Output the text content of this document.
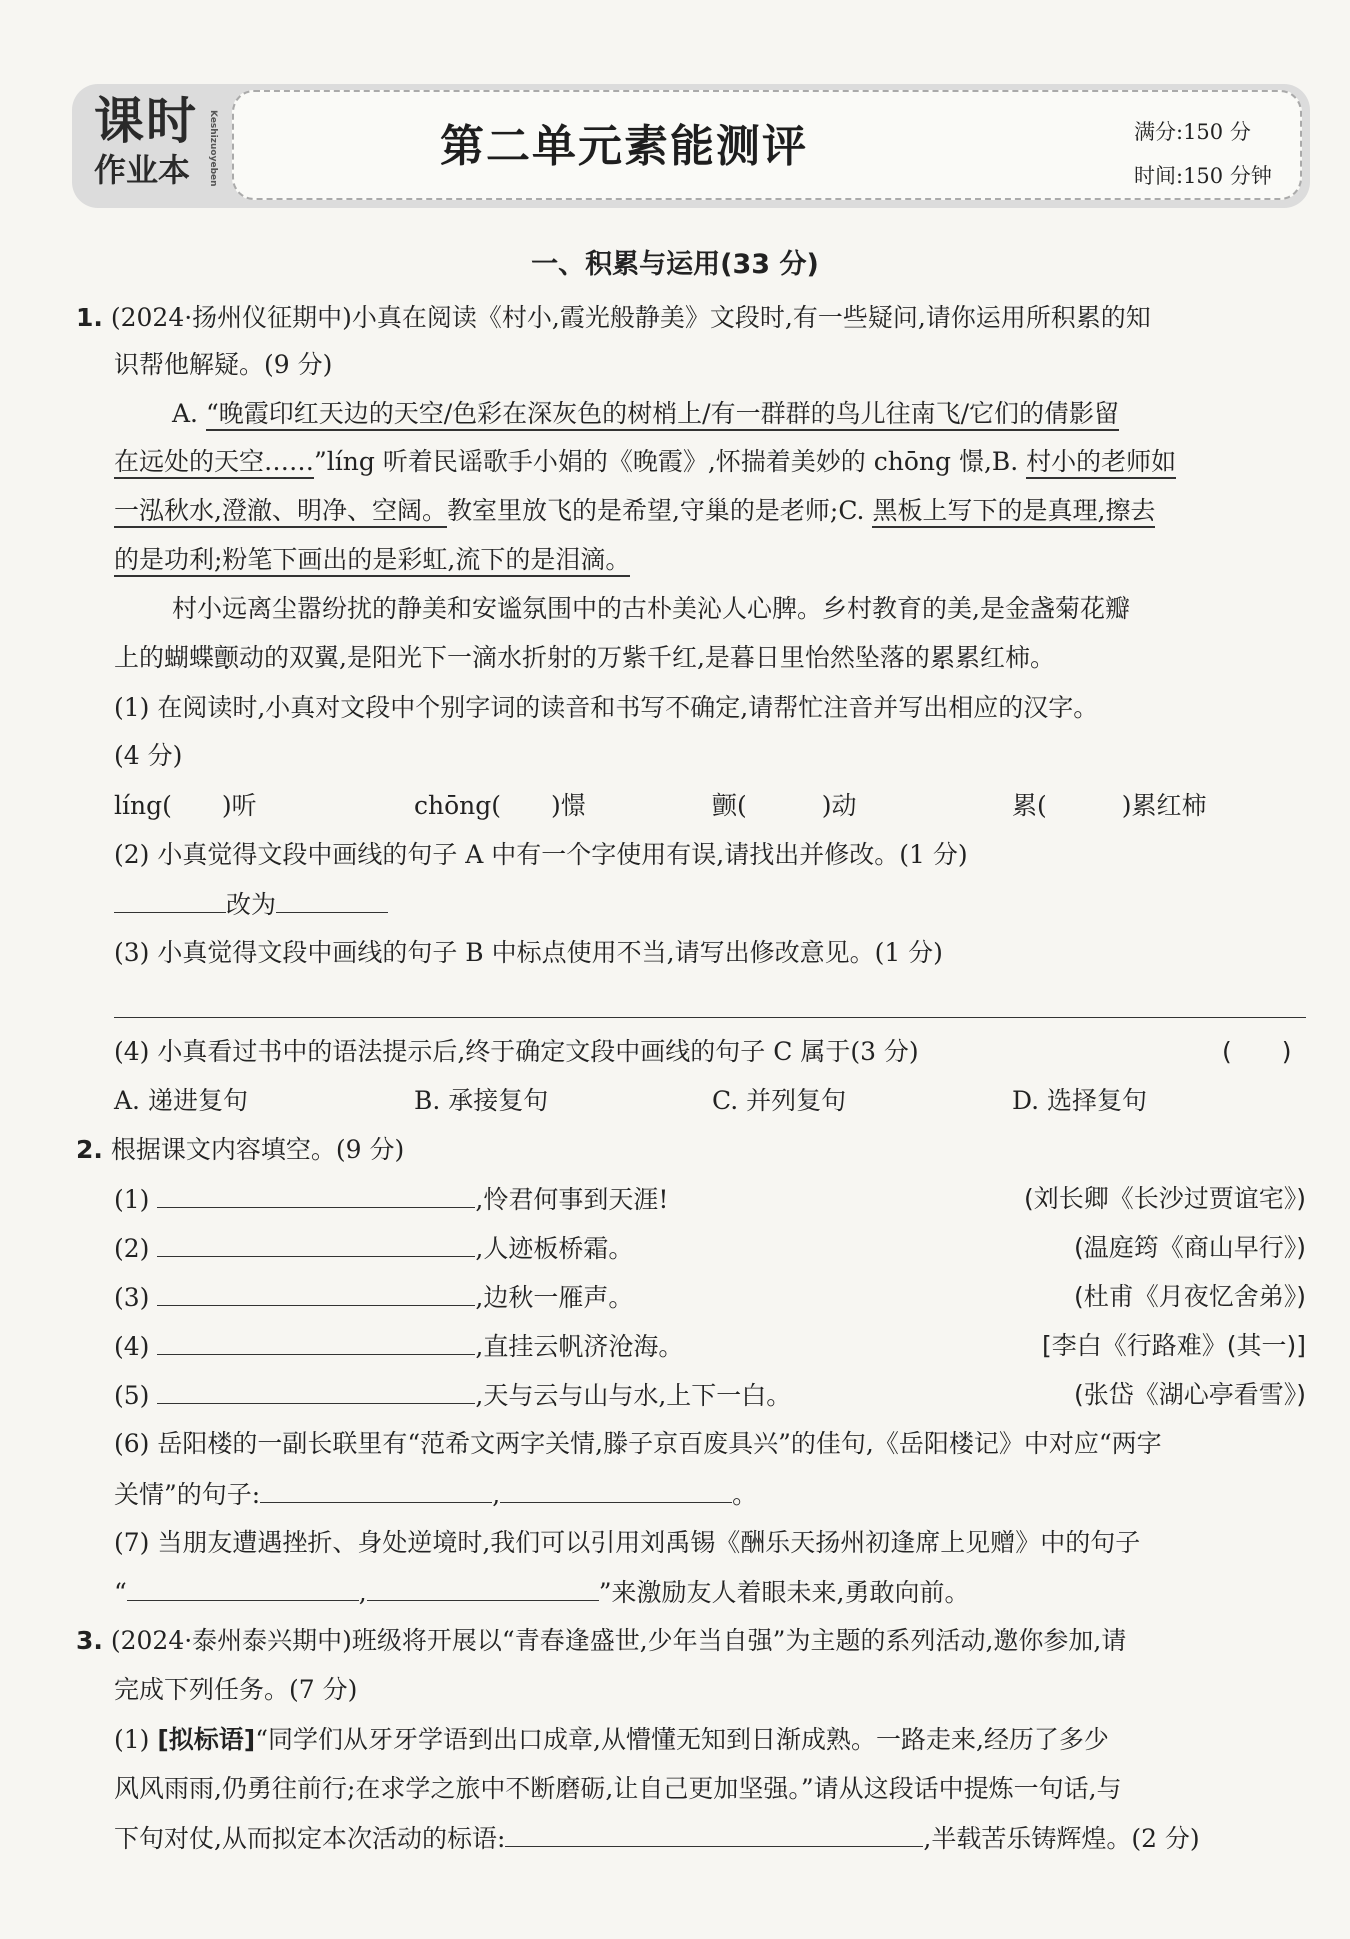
课时
作业本 Keshizuoyeben	第二单元素能测评	满分:150 分
时间:150 分钟
一、积累与运用(33 分)
1. (2024·扬州仪征期中)小真在阅读《村小,霞光般静美》文段时,有一些疑问,请你运用所积累的知
识帮他解疑。(9 分)
A. “晚霞印红天边的天空/色彩在深灰色的树梢上/有一群群的鸟儿往南飞/它们的倩影留
在远处的天空……”líng 听着民谣歌手小娟的《晚霞》,怀揣着美妙的 chōng 憬,B. 村小的老师如
一泓秋水,澄澈、明净、空阔。教室里放飞的是希望,守巢的是老师;C. 黑板上写下的是真理,擦去
的是功利;粉笔下画出的是彩虹,流下的是泪滴。
村小远离尘嚣纷扰的静美和安谧氛围中的古朴美沁人心脾。乡村教育的美,是金盏菊花瓣
上的蝴蝶颤动的双翼,是阳光下一滴水折射的万紫千红,是暮日里怡然坠落的累累红柿。
(1) 在阅读时,小真对文段中个别字词的读音和书写不确定,请帮忙注音并写出相应的汉字。
(4 分)
líng(　　)听	chōng(　　)憬	颤(　　　)动	累(　　　)累红柿
(2) 小真觉得文段中画线的句子 A 中有一个字使用有误,请找出并修改。(1 分)
改为
(3) 小真觉得文段中画线的句子 B 中标点使用不当,请写出修改意见。(1 分)
(4) 小真看过书中的语法提示后,终于确定文段中画线的句子 C 属于(3 分)	(　　)
A. 递进复句	B. 承接复句	C. 并列复句	D. 选择复句
2. 根据课文内容填空。(9 分)
(1)	,怜君何事到天涯!	(刘长卿《长沙过贾谊宅》)
(2)	,人迹板桥霜。	(温庭筠《商山早行》)
(3)	,边秋一雁声。	(杜甫《月夜忆舍弟》)
(4)	,直挂云帆济沧海。	[李白《行路难》(其一)]
(5)	,天与云与山与水,上下一白。	(张岱《湖心亭看雪》)
(6) 岳阳楼的一副长联里有“范希文两字关情,滕子京百废具兴”的佳句,《岳阳楼记》中对应“两字
关情”的句子:	,	。
(7) 当朋友遭遇挫折、身处逆境时,我们可以引用刘禹锡《酬乐天扬州初逢席上见赠》中的句子
“	,	”来激励友人着眼未来,勇敢向前。
3. (2024·泰州泰兴期中)班级将开展以“青春逢盛世,少年当自强”为主题的系列活动,邀你参加,请
完成下列任务。(7 分)
(1) [拟标语]“同学们从牙牙学语到出口成章,从懵懂无知到日渐成熟。一路走来,经历了多少
风风雨雨,仍勇往前行;在求学之旅中不断磨砺,让自己更加坚强。”请从这段话中提炼一句话,与
下句对仗,从而拟定本次活动的标语:	,半载苦乐铸辉煌。(2 分)
